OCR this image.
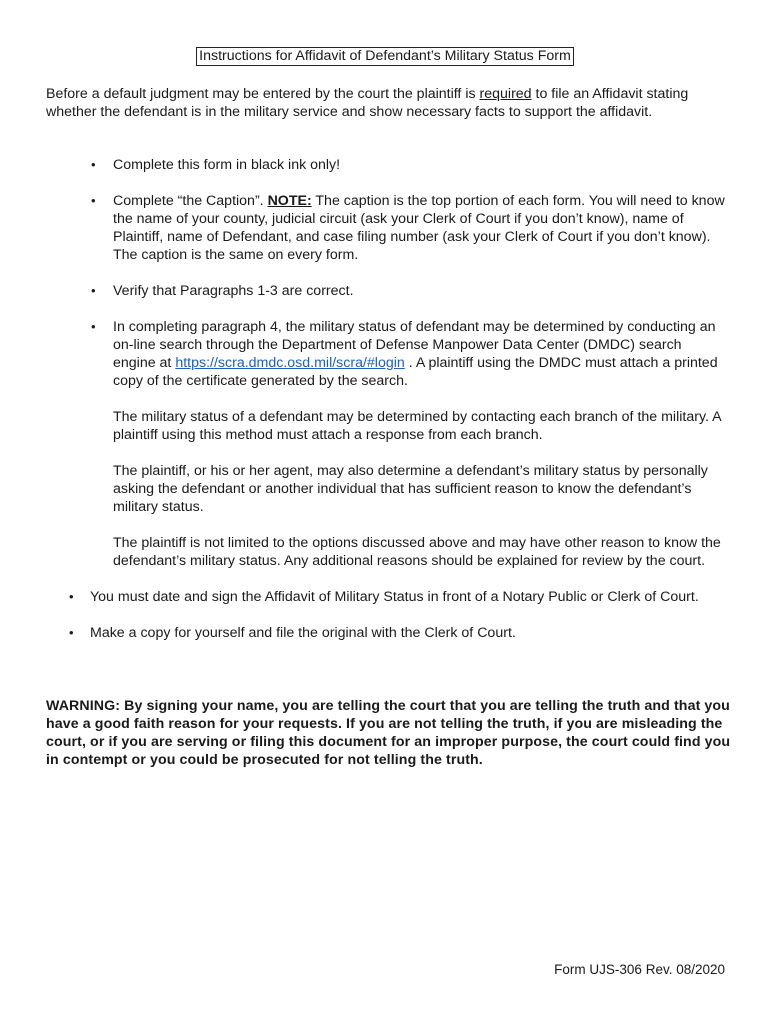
Instructions for Affidavit of Defendant’s Military Status Form

Before a default judgment may be entered by the court the plaintiff is required to file an Affidavit stating whether the defendant is in the military service and show necessary facts to support the affidavit.

• Complete this form in black ink only!
• Complete “the Caption”. NOTE: The caption is the top portion of each form. You will need to know the name of your county, judicial circuit (ask your Clerk of Court if you don’t know), name of Plaintiff, name of Defendant, and case filing number (ask your Clerk of Court if you don’t know). The caption is the same on every form.
• Verify that Paragraphs 1-3 are correct.
• In completing paragraph 4, the military status of defendant may be determined by conducting an on-line search through the Department of Defense Manpower Data Center (DMDC) search engine at https://scra.dmdc.osd.mil/scra/#login . A plaintiff using the DMDC must attach a printed copy of the certificate generated by the search.

The military status of a defendant may be determined by contacting each branch of the military. A plaintiff using this method must attach a response from each branch.

The plaintiff, or his or her agent, may also determine a defendant’s military status by personally asking the defendant or another individual that has sufficient reason to know the defendant’s military status.

The plaintiff is not limited to the options discussed above and may have other reason to know the defendant’s military status. Any additional reasons should be explained for review by the court.

• You must date and sign the Affidavit of Military Status in front of a Notary Public or Clerk of Court.
• Make a copy for yourself and file the original with the Clerk of Court.

WARNING: By signing your name, you are telling the court that you are telling the truth and that you have a good faith reason for your requests. If you are not telling the truth, if you are misleading the court, or if you are serving or filing this document for an improper purpose, the court could find you in contempt or you could be prosecuted for not telling the truth.

Form UJS-306 Rev. 08/2020
